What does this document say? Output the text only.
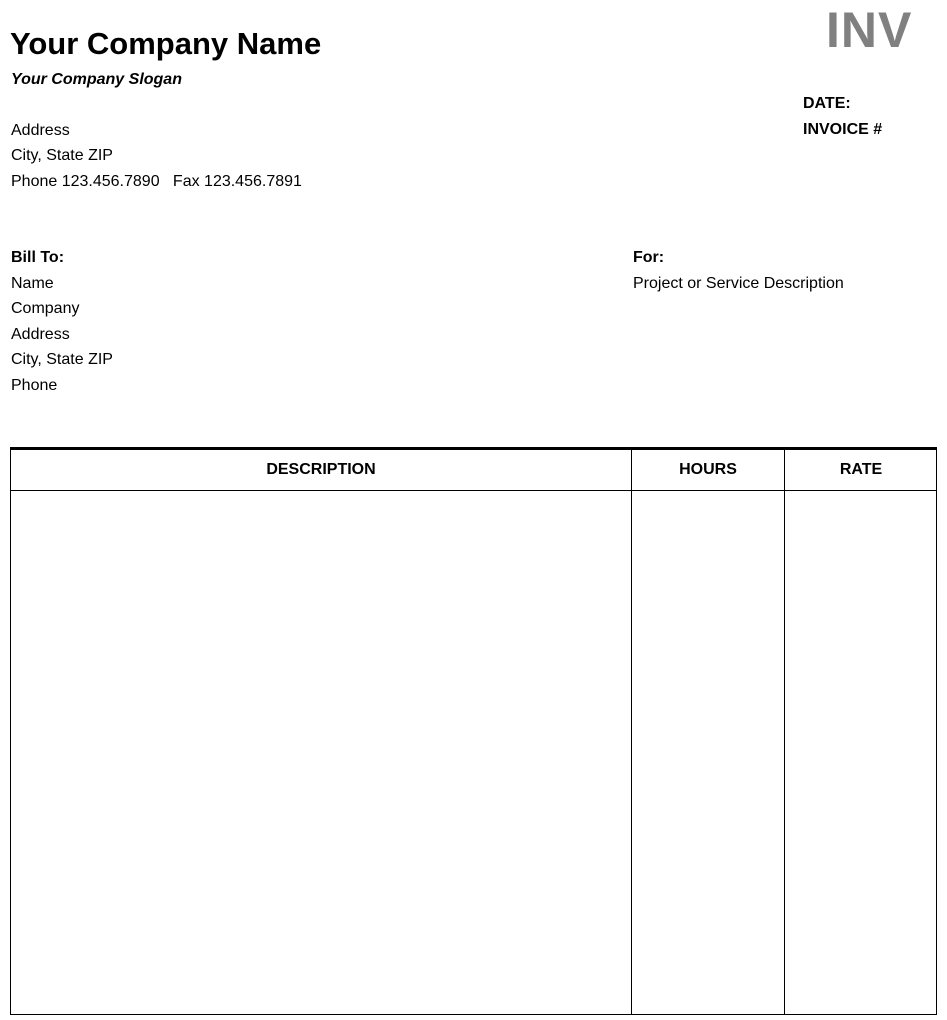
Your Company Name
Your Company Slogan
INV
DATE:
INVOICE #
Address
City, State ZIP
Phone 123.456.7890   Fax 123.456.7891
Bill To:
Name
Company
Address
City, State ZIP
Phone
For:
Project or Service Description
DESCRIPTION	HOURS	RATE
